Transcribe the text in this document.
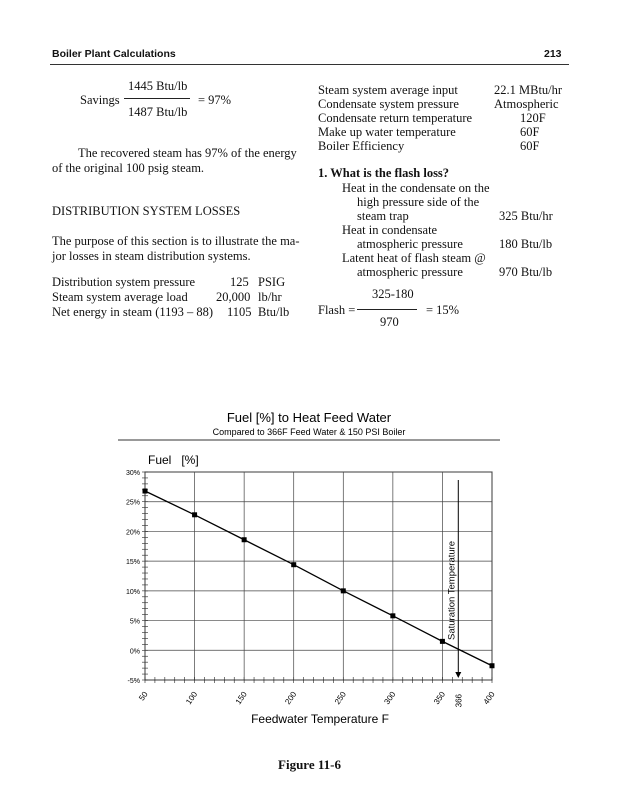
Boiler Plant Calculations	213
1445 Btu/lb
Savings	= 97%
1487 Btu/lb
The recovered steam has 97% of the energy
of the original 100 psig steam.
DISTRIBUTION SYSTEM LOSSES
The purpose of this section is to illustrate the ma-
jor losses in steam distribution systems.
Distribution system pressure	125 PSIG
Steam system average load 20,000 lb/hr
Net energy in steam (1193 – 88) 1105 Btu/lb
Steam system average input	22.1 MBtu/hr
Condensate system pressure	Atmospheric
Condensate return temperature	120F
Make up water temperature	60F
Boiler Efficiency	60F
1. What is the flash loss?
Heat in the condensate on the
high pressure side of the
steam trap	325 Btu/hr
Heat in condensate
atmospheric pressure	180 Btu/lb
Latent heat of flash steam @
atmospheric pressure	970 Btu/lb
325-180
Flash =	= 15%
970
Fuel [%] to Heat Feed Water
Compared to 366F Feed Water & 150 PSI Boiler
Fuel   [%]
30%
25%
20%
15%
10%
5%
0%
-5%
50	100	150	200	250	300	350	400
Saturation Temperature
366
Feedwater Temperature F
Figure 11-6
